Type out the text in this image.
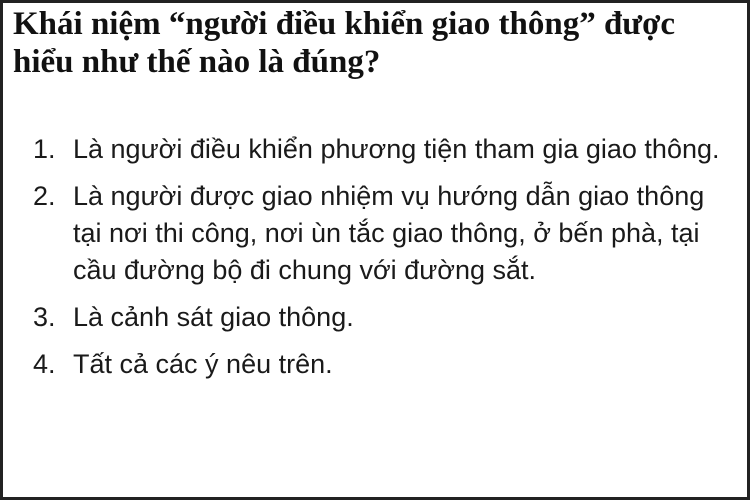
Khái niệm “người điều khiển giao thông” được hiểu như thế nào là đúng?
1. Là người điều khiển phương tiện tham gia giao thông.
2. Là người được giao nhiệm vụ hướng dẫn giao thông tại nơi thi công, nơi ùn tắc giao thông, ở bến phà, tại cầu đường bộ đi chung với đường sắt.
3. Là cảnh sát giao thông.
4. Tất cả các ý nêu trên.
